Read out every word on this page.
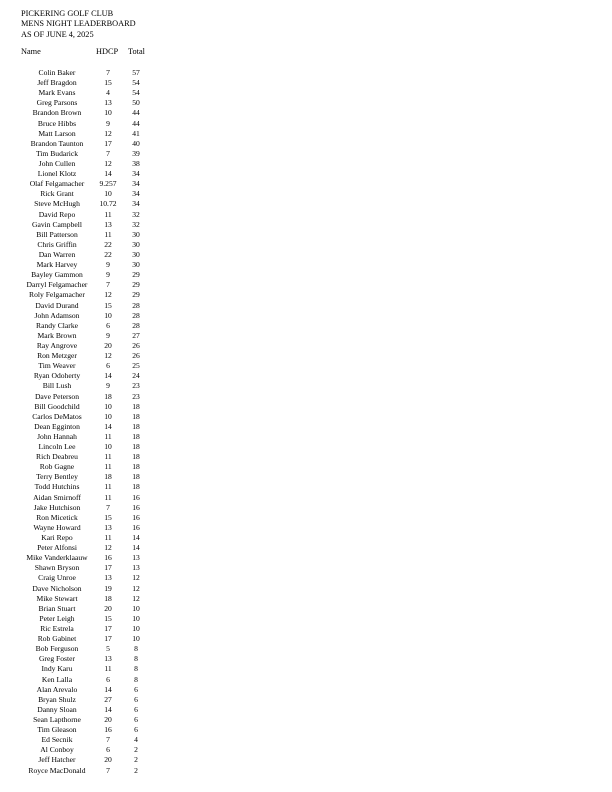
PICKERING GOLF CLUB
MENS NIGHT LEADERBOARD
AS OF JUNE 4, 2025
Name	HDCP Total
Colin Baker	7	57
Jeff Bragdon	15	54
Mark Evans	4	54
Greg Parsons	13	50
Brandon Brown	10	44
Bruce Hibbs	9	44
Matt Larson	12	41
Brandon Taunton	17	40
Tim Budarick	7	39
John Cullen	12	38
Lionel Klotz	14	34
Olaf Felgamacher	9.257	34
Rick Grant	10	34
Steve McHugh	10.72	34
David Repo	11	32
Gavin Campbell	13	32
Bill Patterson	11	30
Chris Griffin	22	30
Dan Warren	22	30
Mark Harvey	9	30
Bayley Gammon	9	29
Darryl Felgamacher	7	29
Roly Felgamacher	12	29
David Durand	15	28
John Adamson	10	28
Randy Clarke	6	28
Mark Brown	9	27
Ray Angrove	20	26
Ron Metzger	12	26
Tim Weaver	6	25
Ryan Odoherty	14	24
Bill Lush	9	23
Dave Peterson	18	23
Bill Goodchild	10	18
Carlos DeMatos	10	18
Dean Egginton	14	18
John Hannah	11	18
Lincoln Lee	10	18
Rich Deabreu	11	18
Rob Gagne	11	18
Terry Bentley	18	18
Todd Hutchins	11	18
Aidan Smirnoff	11	16
Jake Hutchison	7	16
Ron Micetick	15	16
Wayne Howard	13	16
Kari Repo	11	14
Peter Alfonsi	12	14
Mike Vanderklaauw	16	13
Shawn Bryson	17	13
Craig Unroe	13	12
Dave Nicholson	19	12
Mike Stewart	18	12
Brian Stuart	20	10
Peter Leigh	15	10
Ric Estrela	17	10
Rob Gabinet	17	10
Bob Ferguson	5	8
Greg Foster	13	8
Indy Karu	11	8
Ken Lalla	6	8
Alan Arevalo	14	6
Bryan Shulz	27	6
Danny Sloan	14	6
Sean Lapthorne	20	6
Tim Gleason	16	6
Ed Secnik	7	4
Al Conboy	6	2
Jeff Hatcher	20	2
Royce MacDonald	7	2
